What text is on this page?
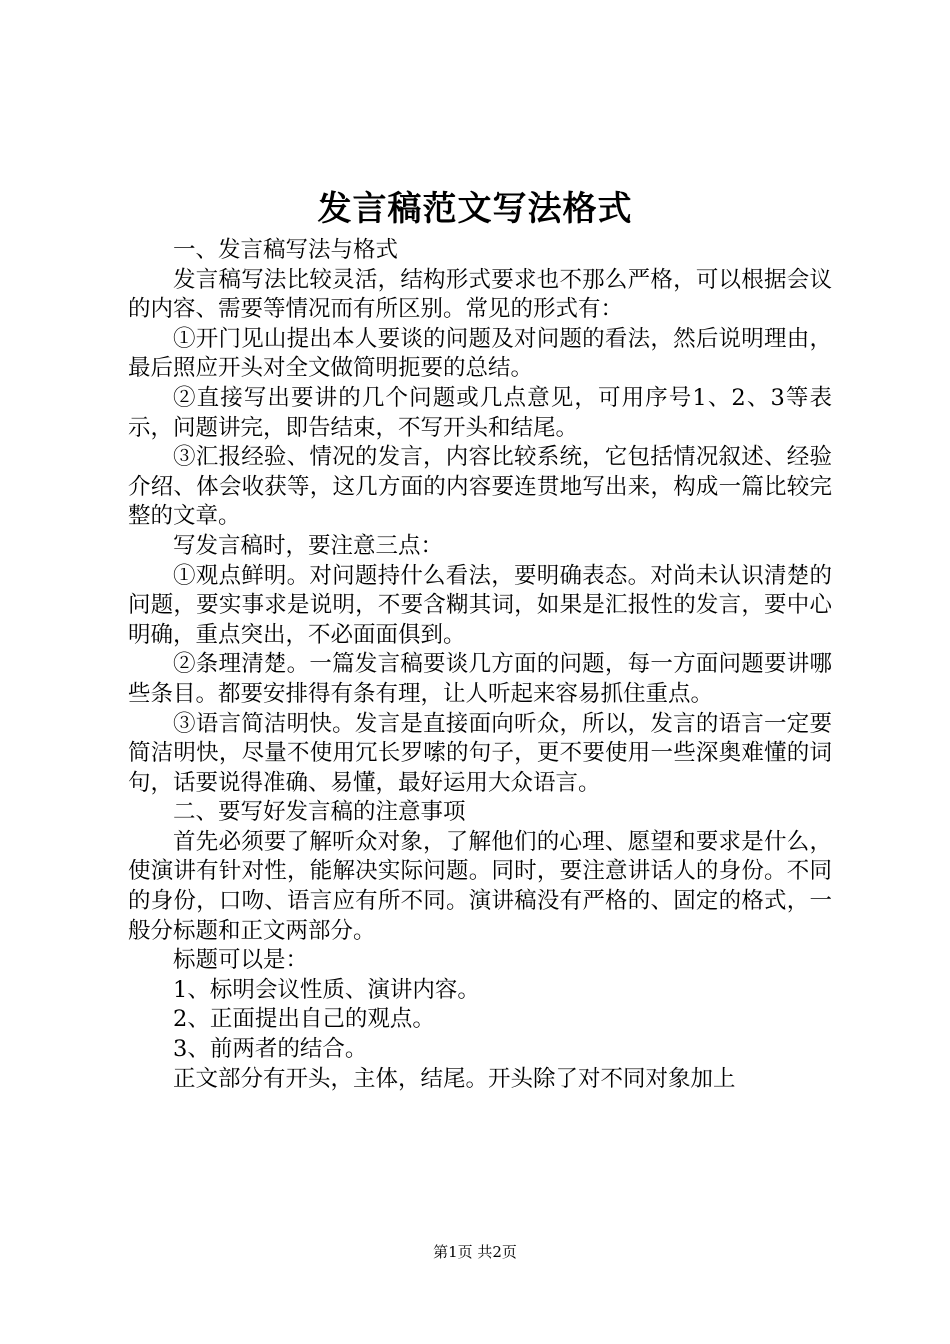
发言稿范文写法格式

一、发言稿写法与格式

发言稿写法比较灵活，结构形式要求也不那么严格，可以根据会议的内容、需要等情况而有所区别。常见的形式有：

①开门见山提出本人要谈的问题及对问题的看法，然后说明理由，最后照应开头对全文做简明扼要的总结。

②直接写出要讲的几个问题或几点意见，可用序号1、2、3等表示，问题讲完，即告结束，不写开头和结尾。

③汇报经验、情况的发言，内容比较系统，它包括情况叙述、经验介绍、体会收获等，这几方面的内容要连贯地写出来，构成一篇比较完整的文章。

写发言稿时，要注意三点：

①观点鲜明。对问题持什么看法，要明确表态。对尚未认识清楚的问题，要实事求是说明，不要含糊其词，如果是汇报性的发言，要中心明确，重点突出，不必面面俱到。

②条理清楚。一篇发言稿要谈几方面的问题，每一方面问题要讲哪些条目。都要安排得有条有理，让人听起来容易抓住重点。

③语言简洁明快。发言是直接面向听众，所以，发言的语言一定要简洁明快，尽量不使用冗长罗嗦的句子，更不要使用一些深奥难懂的词句，话要说得准确、易懂，最好运用大众语言。

二、要写好发言稿的注意事项

首先必须要了解听众对象，了解他们的心理、愿望和要求是什么，使演讲有针对性，能解决实际问题。同时，要注意讲话人的身份。不同的身份，口吻、语言应有所不同。演讲稿没有严格的、固定的格式，一般分标题和正文两部分。

标题可以是：

1、标明会议性质、演讲内容。

2、正面提出自己的观点。

3、前两者的结合。

正文部分有开头，主体，结尾。开头除了对不同对象加上

第1页 共2页
